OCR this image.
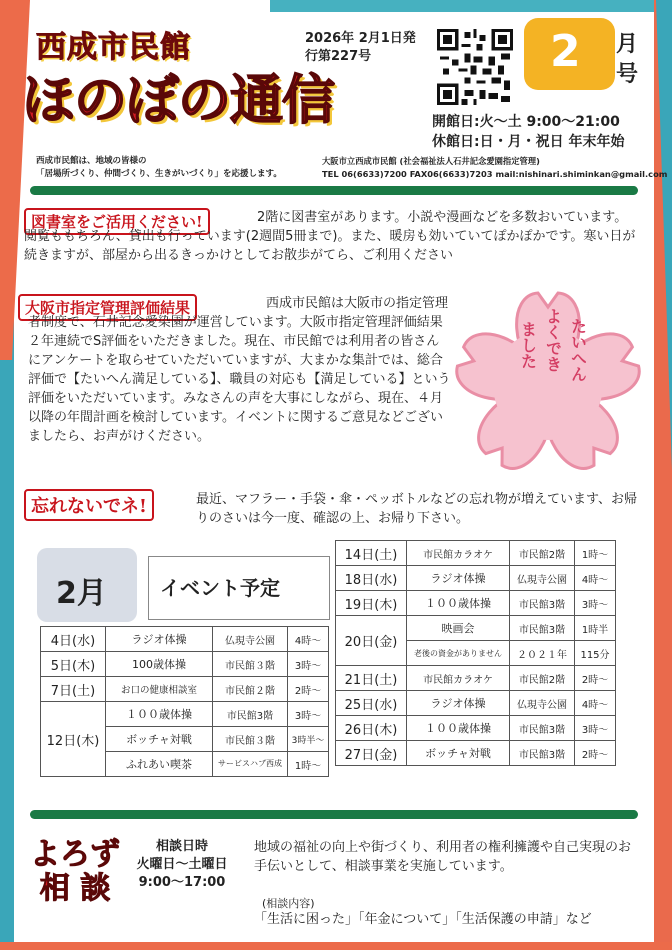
西成市民館
ほのぼの通信
2026年 2月1日発
行第227号	2 月号
開館日:火～土 9:00～21:00
休館日:日・月・祝日 年末年始
西成市民館は、地域の皆様の
「居場所づくり、仲間づくり、生きがいづくり」を応援します。
大阪市立西成市民館 (社会福祉法人石井記念愛園指定管理)
TEL 06(6633)7200 FAX06(6633)7203 mail:nishinari.shiminkan@gmail.com
図書室をご活用ください!	2階に図書室があります。小説や漫画などを多数おいています。閲覧ももちろん、貸出も行っています(2週間5冊まで)。また、暖房も効いていてぽかぽかです。寒い日が続きますが、部屋から出るきっかけとしてお散歩がてら、ご利用ください
大阪市指定管理評価結果
たいへん
よくでき
ました
西成市民館は大阪市の指定管理者制度で、石井記念愛染園が運営しています。大阪市指定管理評価結果２年連続でS評価をいただきました。現在、市民館では利用者の皆さんにアンケートを取らせていただいていますが、大まかな集計では、総合評価で【たいへん満足している】、職員の対応も【満足している】という評価をいただいています。みなさんの声を大事にしながら、現在、４月以降の年間計画を検討しています。イベントに関するご意見などございましたら、お声がけください。
忘れないでネ!	最近、マフラー・手袋・傘・ペッボトルなどの忘れ物が増えています、お帰りのさいは今一度、確認の上、お帰り下さい。
2月	イベント予定
4日(水)	ラジオ体操	仏現寺公園	4時～
5日(木)	100歳体操	市民館３階	3時～
7日(土)	お口の健康相談室	市民館２階	2時～
12日(木)	１００歳体操	市民館3階	3時～
	ボッチャ対戦	市民館３階	3時半～
	ふれあい喫茶	サービスハブ西成	1時～
14日(土)	市民館カラオケ	市民館2階	1時～
18日(水)	ラジオ体操	仏現寺公園	4時～
19日(木)	１００歳体操	市民館3階	3時～
20日(金)	映画会	市民館3階	1時半
	老後の資金がありません	２０２１年	115分
21日(土)	市民館カラオケ	市民館2階	2時～
25日(水)	ラジオ体操	仏現寺公園	4時～
26日(木)	１００歳体操	市民館3階	3時～
27日(金)	ボッチャ対戦	市民館3階	2時～
よろず
相 談
相談日時
火曜日～土曜日
9:00～17:00
地域の福祉の向上や街づくり、利用者の権利擁護や自己実現のお手伝いとして、相談事業を実施しています。
(相談内容)
「生活に困った」「年金について」「生活保護の申請」など
